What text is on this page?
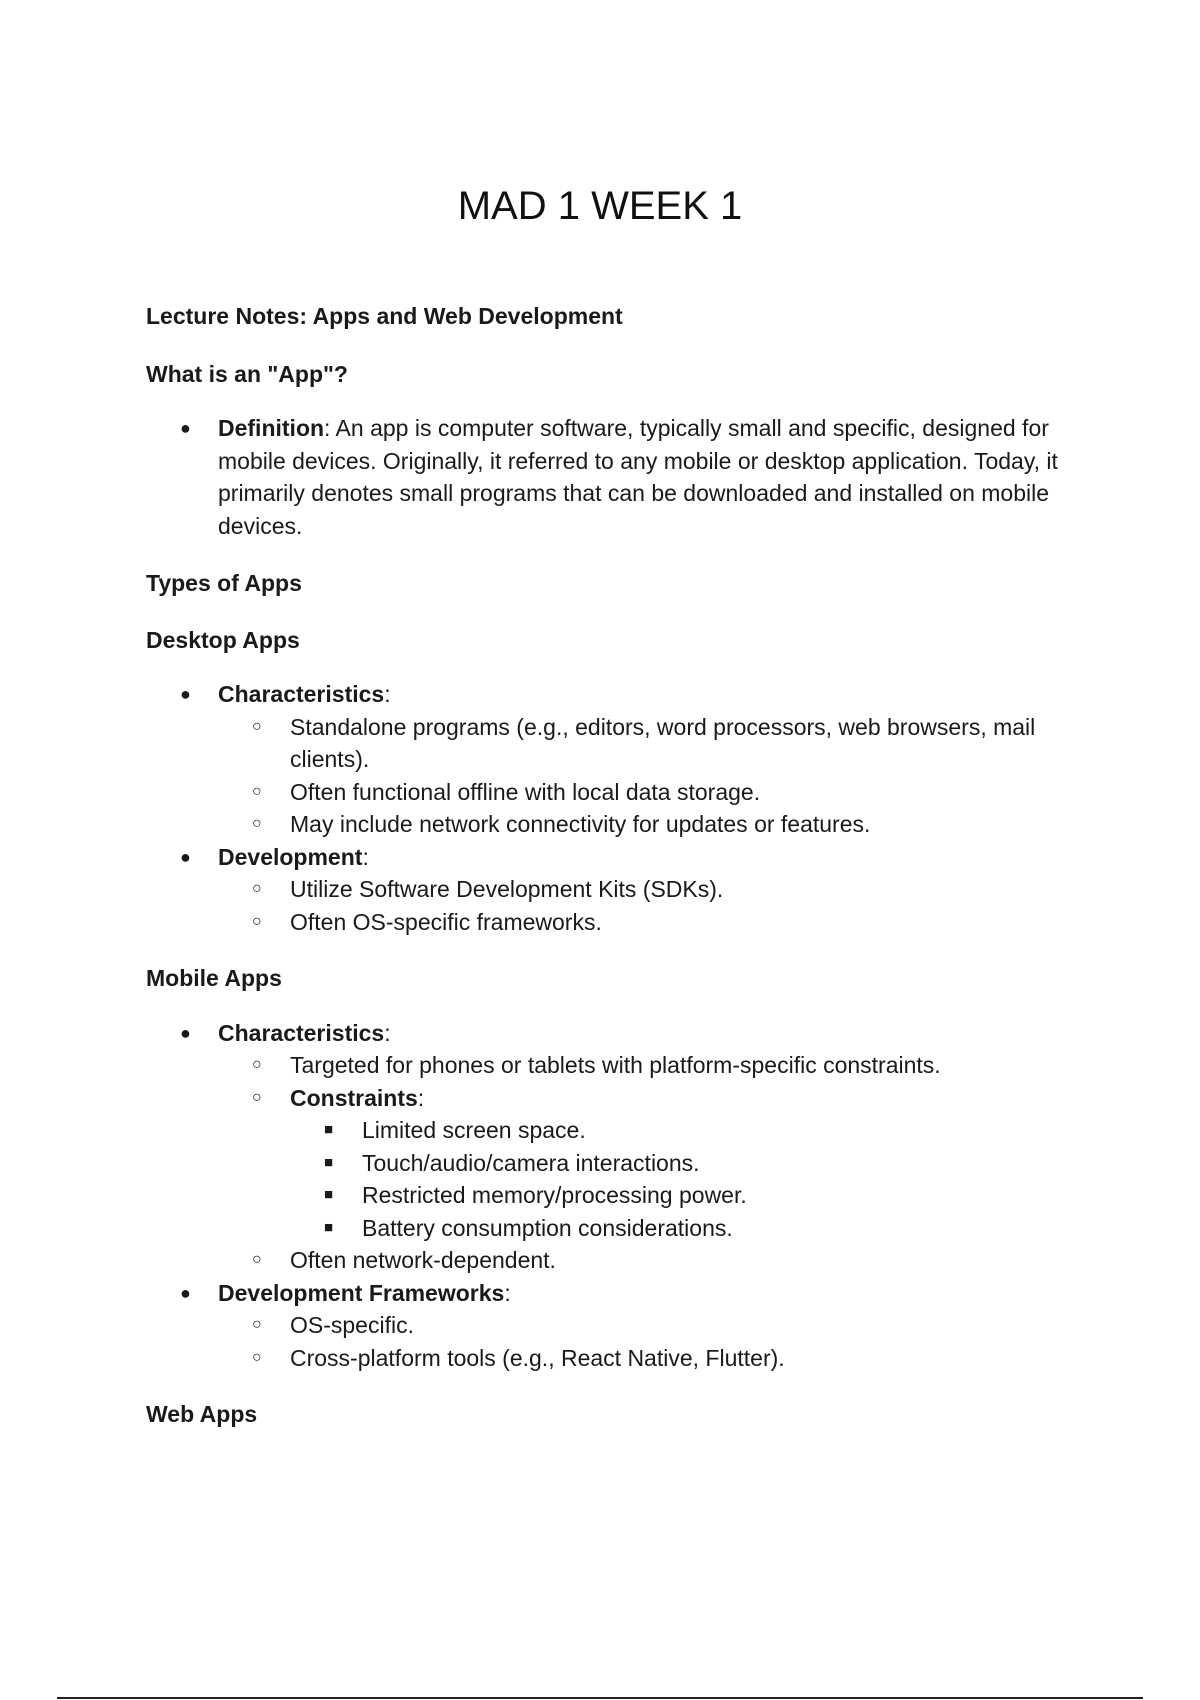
MAD 1 WEEK 1

Lecture Notes: Apps and Web Development

What is an "App"?

● Definition: An app is computer software, typically small and specific, designed for mobile devices. Originally, it referred to any mobile or desktop application. Today, it primarily denotes small programs that can be downloaded and installed on mobile devices.

Types of Apps

Desktop Apps

● Characteristics:
○ Standalone programs (e.g., editors, word processors, web browsers, mail clients).
○ Often functional offline with local data storage.
○ May include network connectivity for updates or features.
● Development:
○ Utilize Software Development Kits (SDKs).
○ Often OS-specific frameworks.

Mobile Apps

● Characteristics:
○ Targeted for phones or tablets with platform-specific constraints.
○ Constraints:
■ Limited screen space.
■ Touch/audio/camera interactions.
■ Restricted memory/processing power.
■ Battery consumption considerations.
○ Often network-dependent.
● Development Frameworks:
○ OS-specific.
○ Cross-platform tools (e.g., React Native, Flutter).

Web Apps
